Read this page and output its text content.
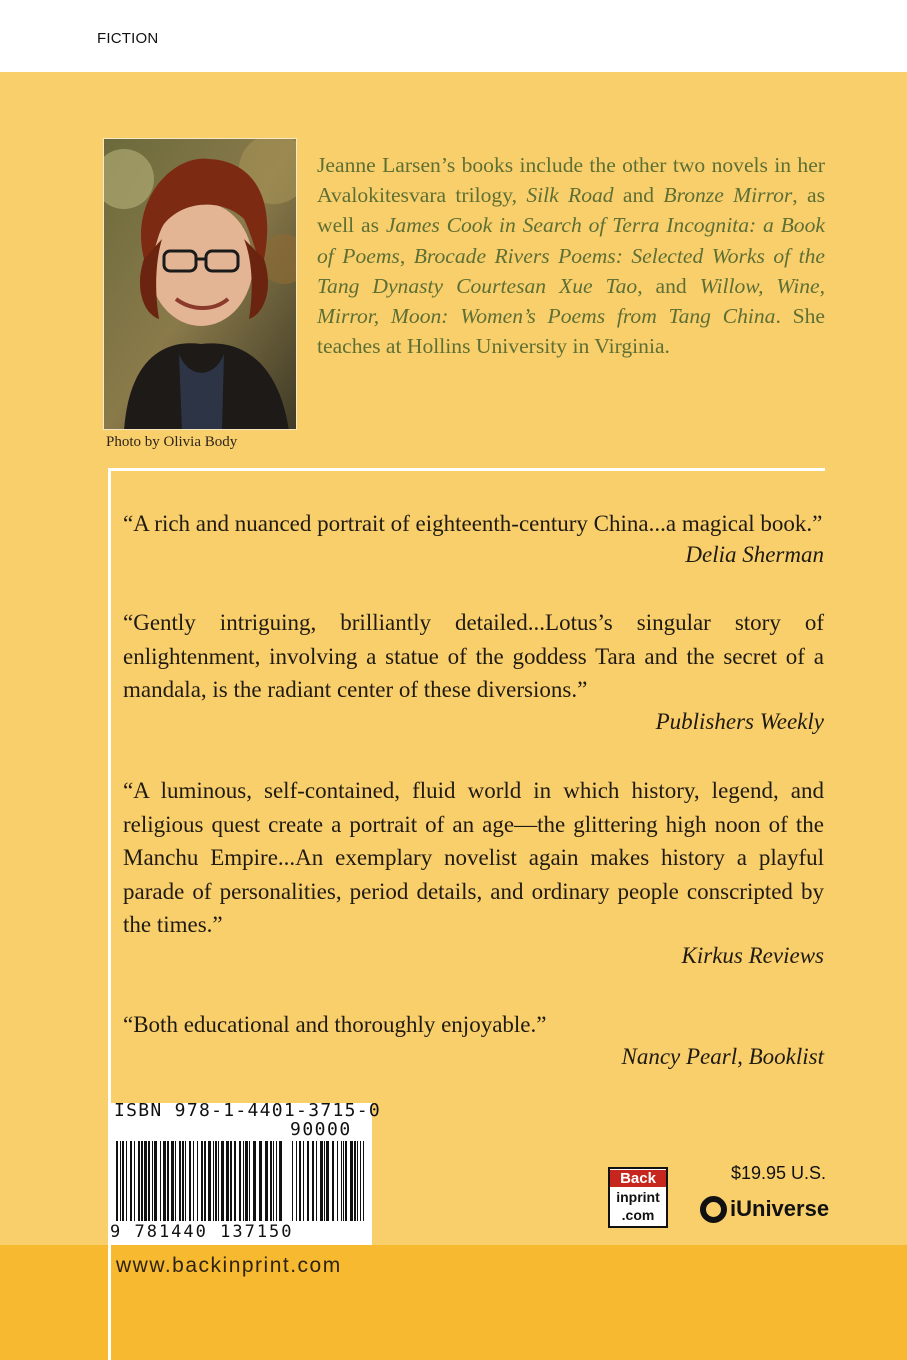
FICTION
Photo by Olivia Body
Jeanne Larsen’s books include the other two novels in her Avalokitesvara trilogy, Silk Road and Bronze Mirror, as well as James Cook in Search of Terra Incognita: a Book of Poems, Brocade Rivers Poems: Selected Works of the Tang Dynasty Courtesan Xue Tao, and Willow, Wine, Mirror, Moon: Women’s Poems from Tang China. She teaches at Hollins University in Virginia.
“A rich and nuanced portrait of eighteenth-century China...a magical book.”
Delia Sherman
“Gently intriguing, brilliantly detailed...Lotus’s singular story of enlightenment, involving a statue of the goddess Tara and the secret of a mandala, is the radiant center of these diversions.”
Publishers Weekly
“A luminous, self-contained, fluid world in which history, legend, and religious quest create a portrait of an age—the glittering high noon of the Manchu Empire...An exemplary novelist again makes history a playful parade of personalities, period details, and ordinary people conscripted by the times.”
Kirkus Reviews
“Both educational and thoroughly enjoyable.”
Nancy Pearl, Booklist
ISBN 978-1-4401-3715-0
90000
9 781440 137150
Back
inprint
.com
$19.95 U.S.
iUniverse
www.backinprint.com
